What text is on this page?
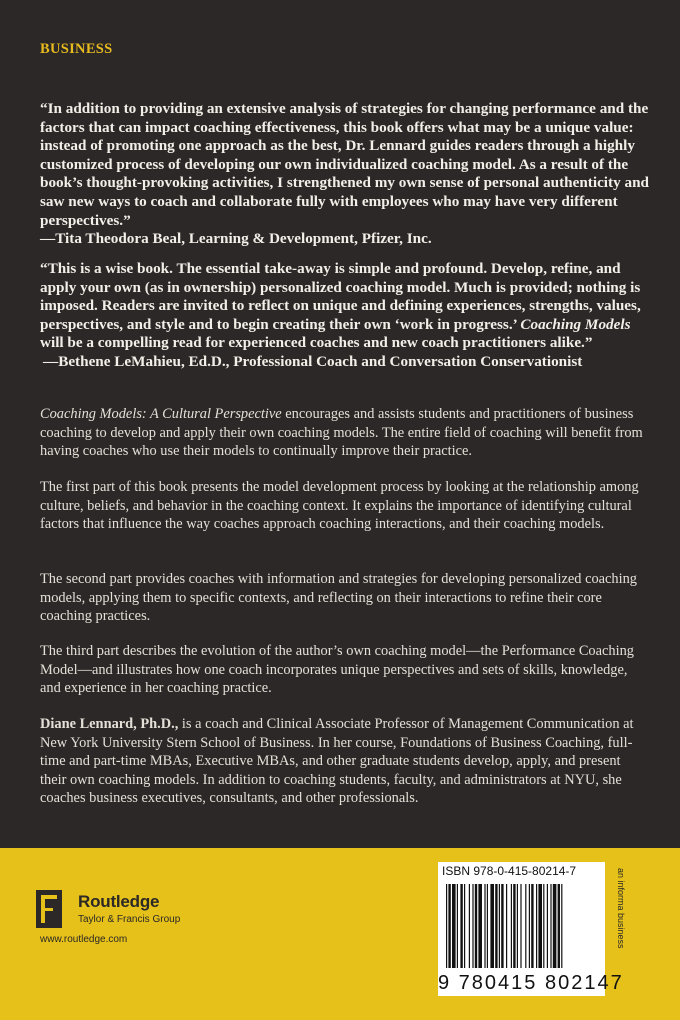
BUSINESS

“In addition to providing an extensive analysis of strategies for changing performance and the factors that can impact coaching effectiveness, this book offers what may be a unique value: instead of promoting one approach as the best, Dr. Lennard guides readers through a highly customized process of developing our own individualized coaching model. As a result of the book’s thought-provoking activities, I strengthened my own sense of personal authenticity and saw new ways to coach and collaborate fully with employees who may have very different perspectives.”

—Tita Theodora Beal, Learning & Development, Pfizer, Inc.

“This is a wise book. The essential take-away is simple and profound. Develop, refine, and apply your own (as in ownership) personalized coaching model. Much is provided; nothing is imposed. Readers are invited to reflect on unique and defining experiences, strengths, values, perspectives, and style and to begin creating their own ‘work in progress.’ Coaching Models will be a compelling read for experienced coaches and new coach practitioners alike.”

—Bethene LeMahieu, Ed.D., Professional Coach and Conversation Conservationist

Coaching Models: A Cultural Perspective encourages and assists students and practitioners of business coaching to develop and apply their own coaching models. The entire field of coaching will benefit from having coaches who use their models to continually improve their practice.

The first part of this book presents the model development process by looking at the relationship among culture, beliefs, and behavior in the coaching context. It explains the importance of identifying cultural factors that influence the way coaches approach coaching interactions, and their coaching models.

The second part provides coaches with information and strategies for developing personalized coaching models, applying them to specific contexts, and reflecting on their interactions to refine their core coaching practices.

The third part describes the evolution of the author’s own coaching model—the Performance Coaching Model—and illustrates how one coach incorporates unique perspectives and sets of skills, knowledge, and experience in her coaching practice.

Diane Lennard, Ph.D., is a coach and Clinical Associate Professor of Management Communication at New York University Stern School of Business. In her course, Foundations of Business Coaching, full-time and part-time MBAs, Executive MBAs, and other graduate students develop, apply, and present their own coaching models. In addition to coaching students, faculty, and administrators at NYU, she coaches business executives, consultants, and other professionals.

Routledge
Taylor & Francis Group
www.routledge.com
ISBN 978-0-415-80214-7
9 780415 802147
an informa business
